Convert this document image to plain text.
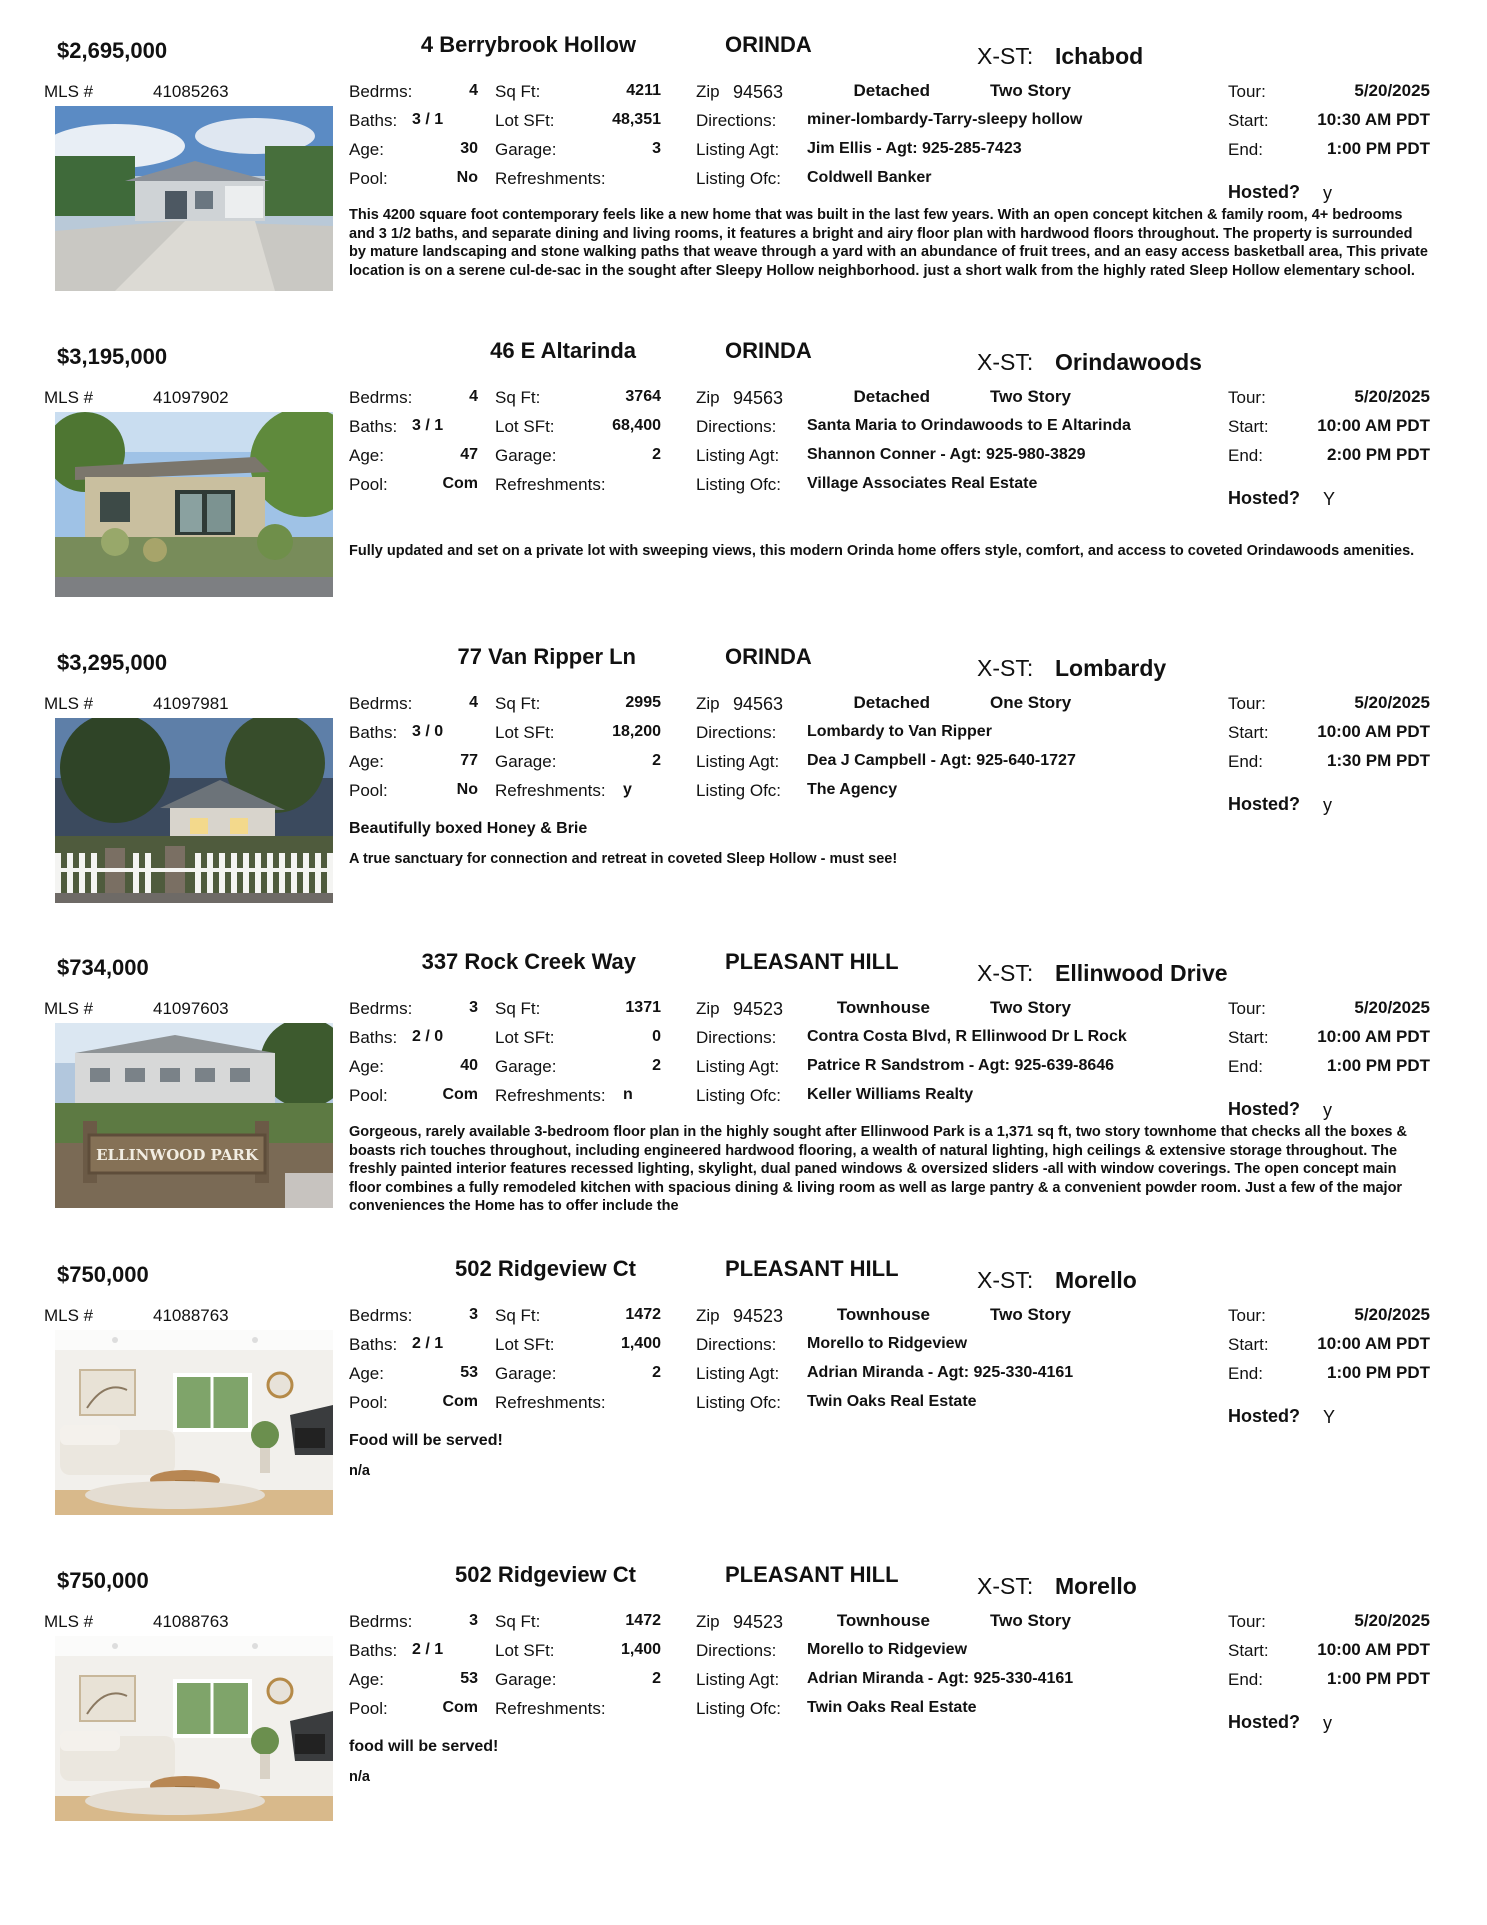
$2,695,000	4 Berrybrook Hollow	ORINDA	X-ST: Ichabod
MLS #	41085263	Bedrms:	4
Baths: 3 / 1
Age:	30
Pool:	No
Sq Ft:	4211
Lot SFt:	48,351
Garage:	3
Refreshments:
Zip 94563	Detached	Two Story
Directions: miner-lombardy-Tarry-sleepy hollow
Listing Agt: Jim Ellis - Agt: 925-285-7423
Listing Ofc: Coldwell Banker
Tour:	5/20/2025
Start:	10:30 AM PDT
End:	1:00 PM PDT
Hosted? y
This 4200 square foot contemporary feels like a new home that was built in the last few years. With an open concept kitchen & family room, 4+ bedrooms and 3 1/2 baths, and separate dining and living rooms, it features a bright and airy floor plan with hardwood floors throughout. The property is surrounded by mature landscaping and stone walking paths that weave through a yard with an abundance of fruit trees, and an easy access basketball area, This private location is on a serene cul-de-sac in the sought after Sleepy Hollow neighborhood. just a short walk from the highly rated Sleep Hollow elementary school.
$3,195,000	46 E Altarinda	ORINDA	X-ST: Orindawoods
MLS #	41097902	Bedrms:	4
Baths: 3 / 1
Age:	47
Pool:	Com
Sq Ft:	3764
Lot SFt:	68,400
Garage:	2
Refreshments:
Zip 94563	Detached	Two Story
Directions: Santa Maria to Orindawoods to E Altarinda
Listing Agt: Shannon Conner - Agt: 925-980-3829
Listing Ofc: Village Associates Real Estate
Tour:	5/20/2025
Start:	10:00 AM PDT
End:	2:00 PM PDT
Hosted? Y
Fully updated and set on a private lot with sweeping views, this modern Orinda home offers style, comfort, and access to coveted Orindawoods amenities.
$3,295,000	77 Van Ripper Ln	ORINDA	X-ST: Lombardy
MLS #	41097981	Bedrms:	4
Baths: 3 / 0
Age:	77
Pool:	No
Sq Ft:	2995
Lot SFt:	18,200
Garage:	2
Refreshments: y
Zip 94563	Detached	One Story
Directions: Lombardy to Van Ripper
Listing Agt: Dea J Campbell - Agt: 925-640-1727
Listing Ofc: The Agency
Tour:	5/20/2025
Start:	10:00 AM PDT
End:	1:30 PM PDT
Hosted? y
Beautifully boxed Honey & Brie
A true sanctuary for connection and retreat in coveted Sleep Hollow - must see!
$734,000	337 Rock Creek Way	PLEASANT HILL	X-ST: Ellinwood Drive
MLS #	41097603
ELLINWOOD PARK
Bedrms:	3
Baths: 2 / 0
Age:	40
Pool:	Com
Sq Ft:	1371
Lot SFt:	0
Garage:	2
Refreshments: n
Zip 94523	Townhouse	Two Story
Directions: Contra Costa Blvd, R Ellinwood Dr L Rock
Listing Agt: Patrice R Sandstrom - Agt: 925-639-8646
Listing Ofc: Keller Williams Realty
Tour:	5/20/2025
Start:	10:00 AM PDT
End:	1:00 PM PDT
Hosted? y
Gorgeous, rarely available 3-bedroom floor plan in the highly sought after Ellinwood Park is a 1,371 sq ft, two story townhome that checks all the boxes & boasts rich touches throughout, including engineered hardwood flooring, a wealth of natural lighting, high ceilings & extensive storage throughout. The freshly painted interior features recessed lighting, skylight, dual paned windows & oversized sliders -all with window coverings. The open concept main floor combines a fully remodeled kitchen with spacious dining & living room as well as large pantry & a convenient powder room. Just a few of the major conveniences the Home has to offer include the
$750,000	502 Ridgeview Ct	PLEASANT HILL	X-ST: Morello
MLS #	41088763	Bedrms:	3
Baths: 2 / 1
Age:	53
Pool:	Com
Sq Ft:	1472
Lot SFt:	1,400
Garage:	2
Refreshments:
Zip 94523	Townhouse	Two Story
Directions: Morello to Ridgeview
Listing Agt: Adrian Miranda - Agt: 925-330-4161
Listing Ofc: Twin Oaks Real Estate
Tour:	5/20/2025
Start:	10:00 AM PDT
End:	1:00 PM PDT
Hosted? Y
Food will be served!
n/a
$750,000	502 Ridgeview Ct	PLEASANT HILL	X-ST: Morello
MLS #	41088763	Bedrms:	3
Baths: 2 / 1
Age:	53
Pool:	Com
Sq Ft:	1472
Lot SFt:	1,400
Garage:	2
Refreshments:
Zip 94523	Townhouse	Two Story
Directions: Morello to Ridgeview
Listing Agt: Adrian Miranda - Agt: 925-330-4161
Listing Ofc: Twin Oaks Real Estate
Tour:	5/20/2025
Start:	10:00 AM PDT
End:	1:00 PM PDT
Hosted? y
food will be served!
n/a
